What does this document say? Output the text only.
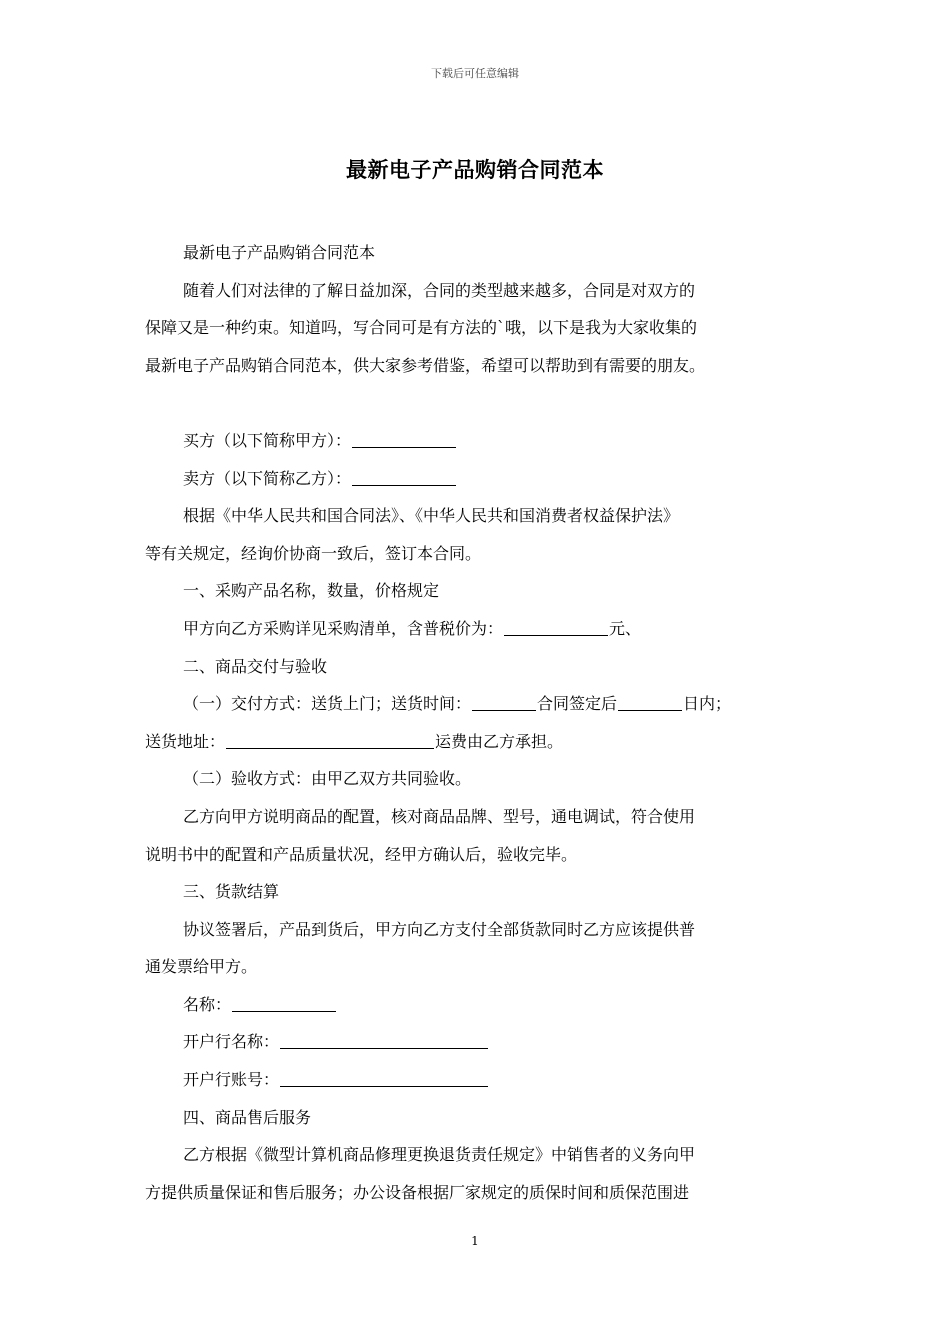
下载后可任意编辑
最新电子产品购销合同范本

最新电子产品购销合同范本

随着人们对法律的了解日益加深，合同的类型越来越多，合同是对双方的

保障又是一种约束。知道吗，写合同可是有方法的`哦，以下是我为大家收集的

最新电子产品购销合同范本，供大家参考借鉴，希望可以帮助到有需要的朋友。

买方（以下简称甲方）：

卖方（以下简称乙方）：

根据《中华人民共和国合同法》、《中华人民共和国消费者权益保护法》

等有关规定，经询价协商一致后，签订本合同。

一、采购产品名称，数量，价格规定

甲方向乙方采购详见采购清单，含普税价为：	元、

二、商品交付与验收

（一）交付方式：送货上门；送货时间：	合同签定后	日内；

送货地址：	运费由乙方承担。

（二）验收方式：由甲乙双方共同验收。

乙方向甲方说明商品的配置，核对商品品牌、型号，通电调试，符合使用

说明书中的配置和产品质量状况，经甲方确认后，验收完毕。

三、货款结算

协议签署后，产品到货后，甲方向乙方支付全部货款同时乙方应该提供普

通发票给甲方。

名称：

开户行名称：

开户行账号：

四、商品售后服务

乙方根据《微型计算机商品修理更换退货责任规定》中销售者的义务向甲

方提供质量保证和售后服务；办公设备根据厂家规定的质保时间和质保范围进

1
